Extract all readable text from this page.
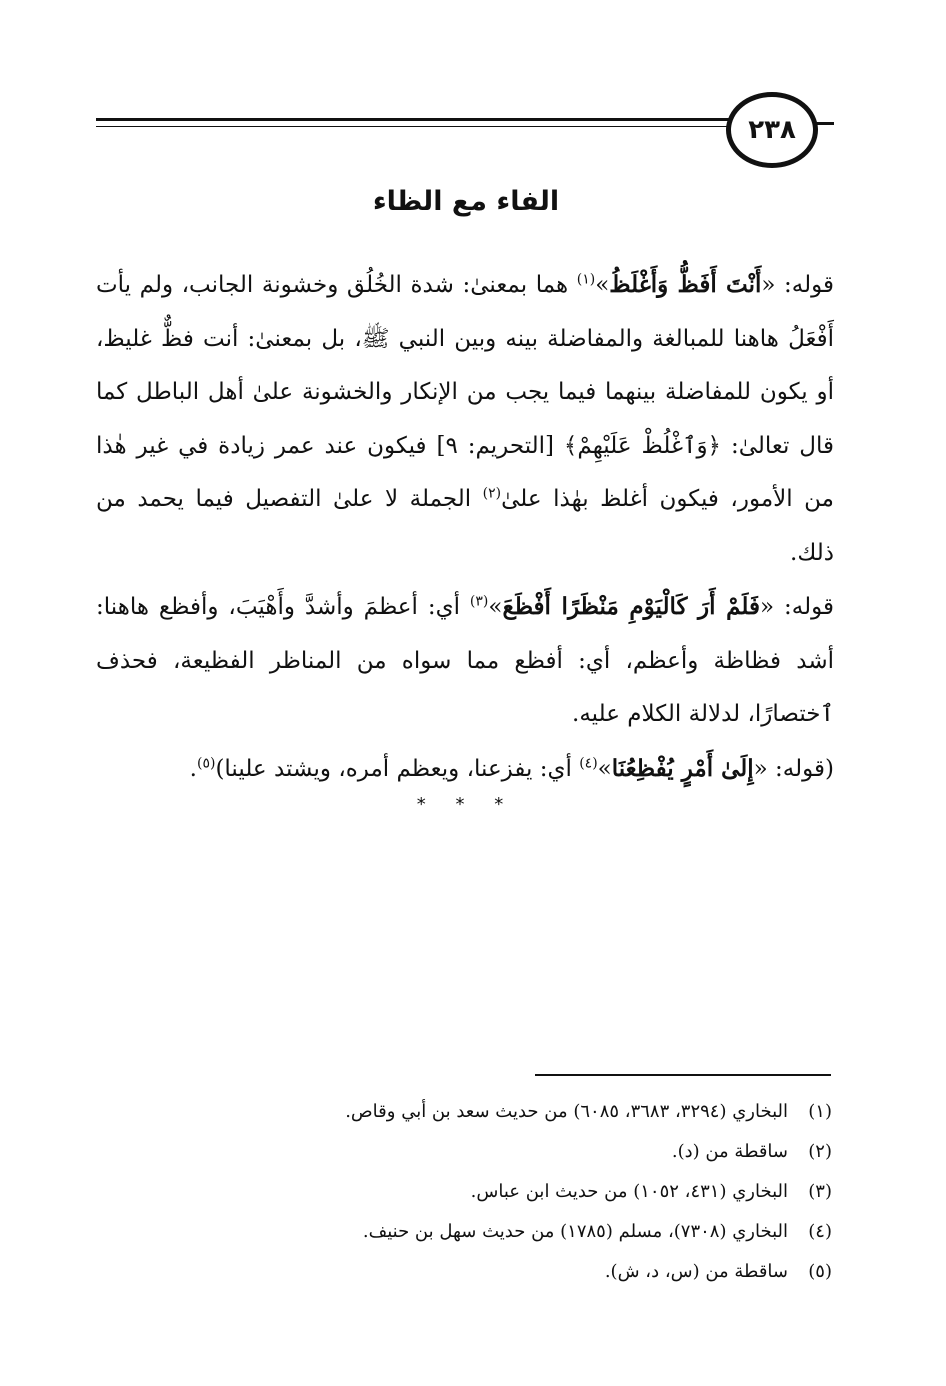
٢٣٨
الفاء مع الظاء

قوله: «أَنْتَ أَفَظُّ وَأَغْلَظُ»$^{(١)}$ هما بمعنىٰ: شدة الخُلُق وخشونة الجانب، ولم يأت أَفْعَلُ هاهنا للمبالغة والمفاضلة بينه وبين النبي ﷺ، بل بمعنىٰ: أنت فظٌّ غليظ، أو يكون للمفاضلة بينهما فيما يجب من الإنكار والخشونة علىٰ أهل الباطل كما قال تعالىٰ: ﴿وَٱغْلُظْ عَلَيْهِمْ﴾ [التحريم: ٩] فيكون عند عمر زيادة في غير هٰذا من الأمور، فيكون أغلظ بهٰذا علىٰ$^{(٢)}$ الجملة لا علىٰ التفصيل فيما يحمد من ذلك.

قوله: «فَلَمْ أَرَ كَالْيَوْمِ مَنْظَرًا أَفْظَعَ»$^{(٣)}$ أي: أعظمَ وأشدَّ وأَهْيَبَ، وأفظع هاهنا: أشد فظاظة وأعظم، أي: أفظع مما سواه من المناظر الفظيعة، فحذف ٱختصارًا، لدلالة الكلام عليه.

(قوله: «إِلَىٰ أَمْرٍ يُفْظِعُنَا»$^{(٤)}$ أي: يفزعنا، ويعظم أمره، ويشتد علينا)$^{(٥)}$.

* * *

(١)
البخاري (٣٢٩٤، ٣٦٨٣، ٦٠٨٥) من حديث سعد بن أبي وقاص.
(٢)
ساقطة من (د).
(٣)
البخاري (٤٣١، ١٠٥٢) من حديث ابن عباس.
(٤)
البخاري (٧٣٠٨)، مسلم (١٧٨٥) من حديث سهل بن حنيف.
(٥)
ساقطة من (س، د، ش).
